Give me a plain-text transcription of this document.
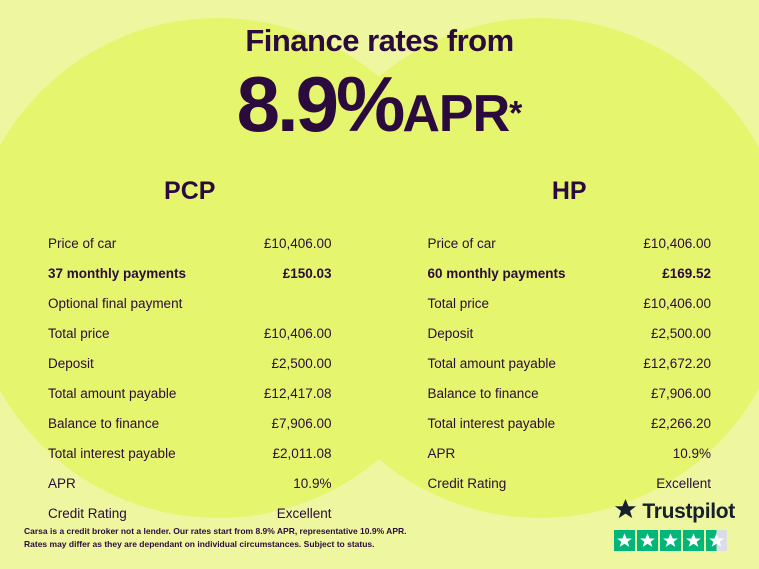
Finance rates from
8.9%APR*
PCP
Price of car	£10,406.00
37 monthly payments	£150.03
Optional final payment
Total price	£10,406.00
Deposit	£2,500.00
Total amount payable	£12,417.08
Balance to finance	£7,906.00
Total interest payable	£2,011.08
APR	10.9%
Credit Rating	Excellent
HP
Price of car	£10,406.00
60 monthly payments	£169.52
Total price	£10,406.00
Deposit	£2,500.00
Total amount payable	£12,672.20
Balance to finance	£7,906.00
Total interest payable	£2,266.20
APR	10.9%
Credit Rating	Excellent
Carsa is a credit broker not a lender. Our rates start from 8.9% APR, representative 10.9% APR.
Rates may differ as they are dependant on individual circumstances. Subject to status.
Trustpilot
